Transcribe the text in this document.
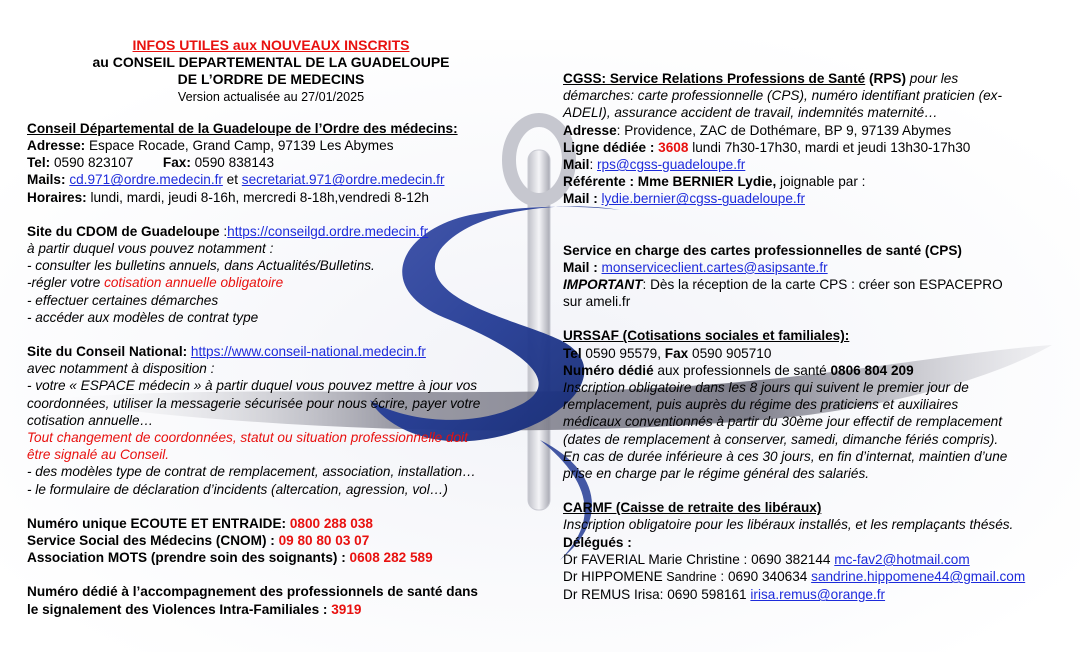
INFOS UTILES aux NOUVEAUX INSCRITS
au CONSEIL DEPARTEMENTAL DE LA GUADELOUPE
DE L’ORDRE DE MEDECINS
Version actualisée au 27/01/2025
Conseil Départemental de la Guadeloupe de l’Ordre des médecins:
Adresse: Espace Rocade, Grand Camp, 97139 Les Abymes
Tel: 0590 823107 Fax: 0590 838143
Mails: cd.971@ordre.medecin.fr et secretariat.971@ordre.medecin.fr
Horaires: lundi, mardi, jeudi 8-16h, mercredi 8-18h,vendredi 8-12h
Site du CDOM de Guadeloupe :https://conseilgd.ordre.medecin.fr
à partir duquel vous pouvez notamment :
- consulter les bulletins annuels, dans Actualités/Bulletins.
-régler votre cotisation annuelle obligatoire
- effectuer certaines démarches
- accéder aux modèles de contrat type
Site du Conseil National: https://www.conseil-national.medecin.fr
avec notamment à disposition :
- votre « ESPACE médecin » à partir duquel vous pouvez mettre à jour vos
coordonnées, utiliser la messagerie sécurisée pour nous écrire, payer votre
cotisation annuelle…
Tout changement de coordonnées, statut ou situation professionnelle doit
être signalé au Conseil.
- des modèles type de contrat de remplacement, association, installation…
- le formulaire de déclaration d’incidents (altercation, agression, vol…)
Numéro unique ECOUTE ET ENTRAIDE: 0800 288 038
Service Social des Médecins (CNOM) : 09 80 80 03 07
Association MOTS (prendre soin des soignants) : 0608 282 589
Numéro dédié à l’accompagnement des professionnels de santé dans
le signalement des Violences Intra-Familiales : 3919
CGSS: Service Relations Professions de Santé (RPS) pour les
démarches: carte professionnelle (CPS), numéro identifiant praticien (ex-
ADELI), assurance accident de travail, indemnités maternité…
Adresse: Providence, ZAC de Dothémare, BP 9, 97139 Abymes
Ligne dédiée : 3608 lundi 7h30-17h30, mardi et jeudi 13h30-17h30
Mail: rps@cgss-guadeloupe.fr
Référente : Mme BERNIER Lydie, joignable par :
Mail : lydie.bernier@cgss-guadeloupe.fr
Service en charge des cartes professionnelles de santé (CPS)
Mail : monserviceclient.cartes@asipsante.fr
IMPORTANT: Dès la réception de la carte CPS : créer son ESPACEPRO
sur ameli.fr
URSSAF (Cotisations sociales et familiales):
Tel 0590 95579, Fax 0590 905710
Numéro dédié aux professionnels de santé 0806 804 209
Inscription obligatoire dans les 8 jours qui suivent le premier jour de
remplacement, puis auprès du régime des praticiens et auxiliaires
médicaux conventionnés à partir du 30ème jour effectif de remplacement
(dates de remplacement à conserver, samedi, dimanche fériés compris).
En cas de durée inférieure à ces 30 jours, en fin d’internat, maintien d’une
prise en charge par le régime général des salariés.
CARMF (Caisse de retraite des libéraux)
Inscription obligatoire pour les libéraux installés, et les remplaçants thésés.
Délégués :
Dr FAVERIAL Marie Christine : 0690 382144 mc-fav2@hotmail.com
Dr HIPPOMENE Sandrine : 0690 340634 sandrine.hippomene44@gmail.com
Dr REMUS Irisa: 0690 598161 irisa.remus@orange.fr
